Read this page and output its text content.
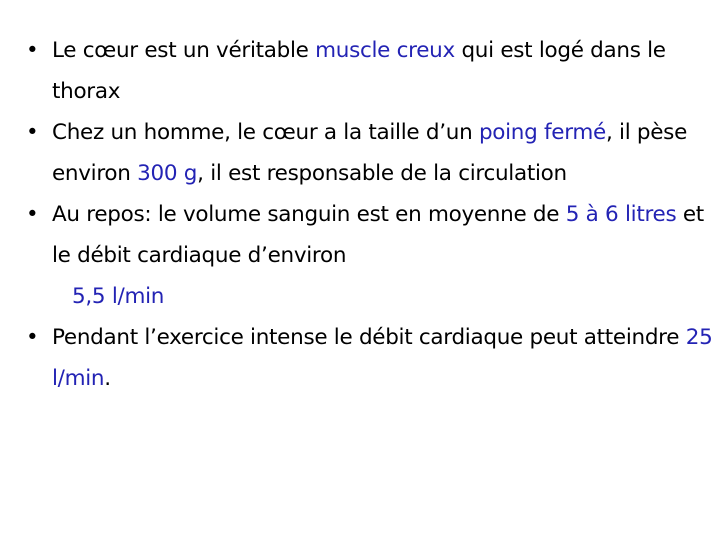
• Le cœur est un véritable muscle creux qui est logé dans le thorax
• Chez un homme, le cœur a la taille d’un poing fermé, il pèse environ 300 g, il est responsable de la circulation
• Au repos: le volume sanguin est en moyenne de 5 à 6 litres et le débit cardiaque d’environ
5,5 l/min
• Pendant l’exercice intense le débit cardiaque peut atteindre 25 l/min.
